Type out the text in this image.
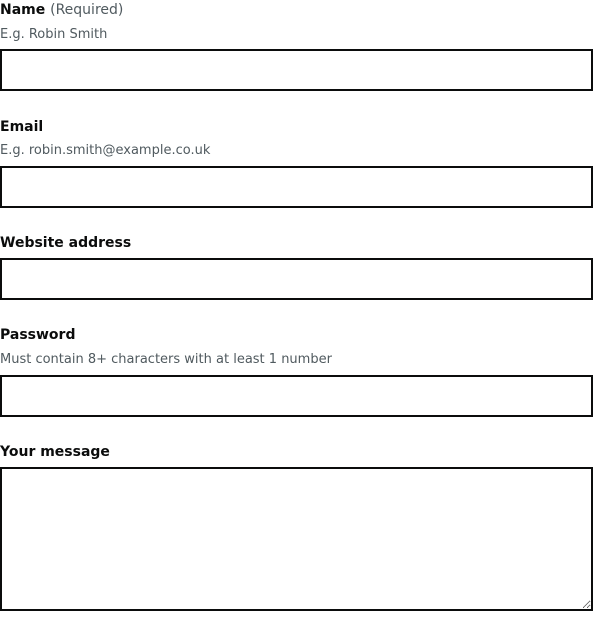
Name (Required)
E.g. Robin Smith
Email
E.g. robin.smith@example.co.uk
Website address
Password
Must contain 8+ characters with at least 1 number
Your message
